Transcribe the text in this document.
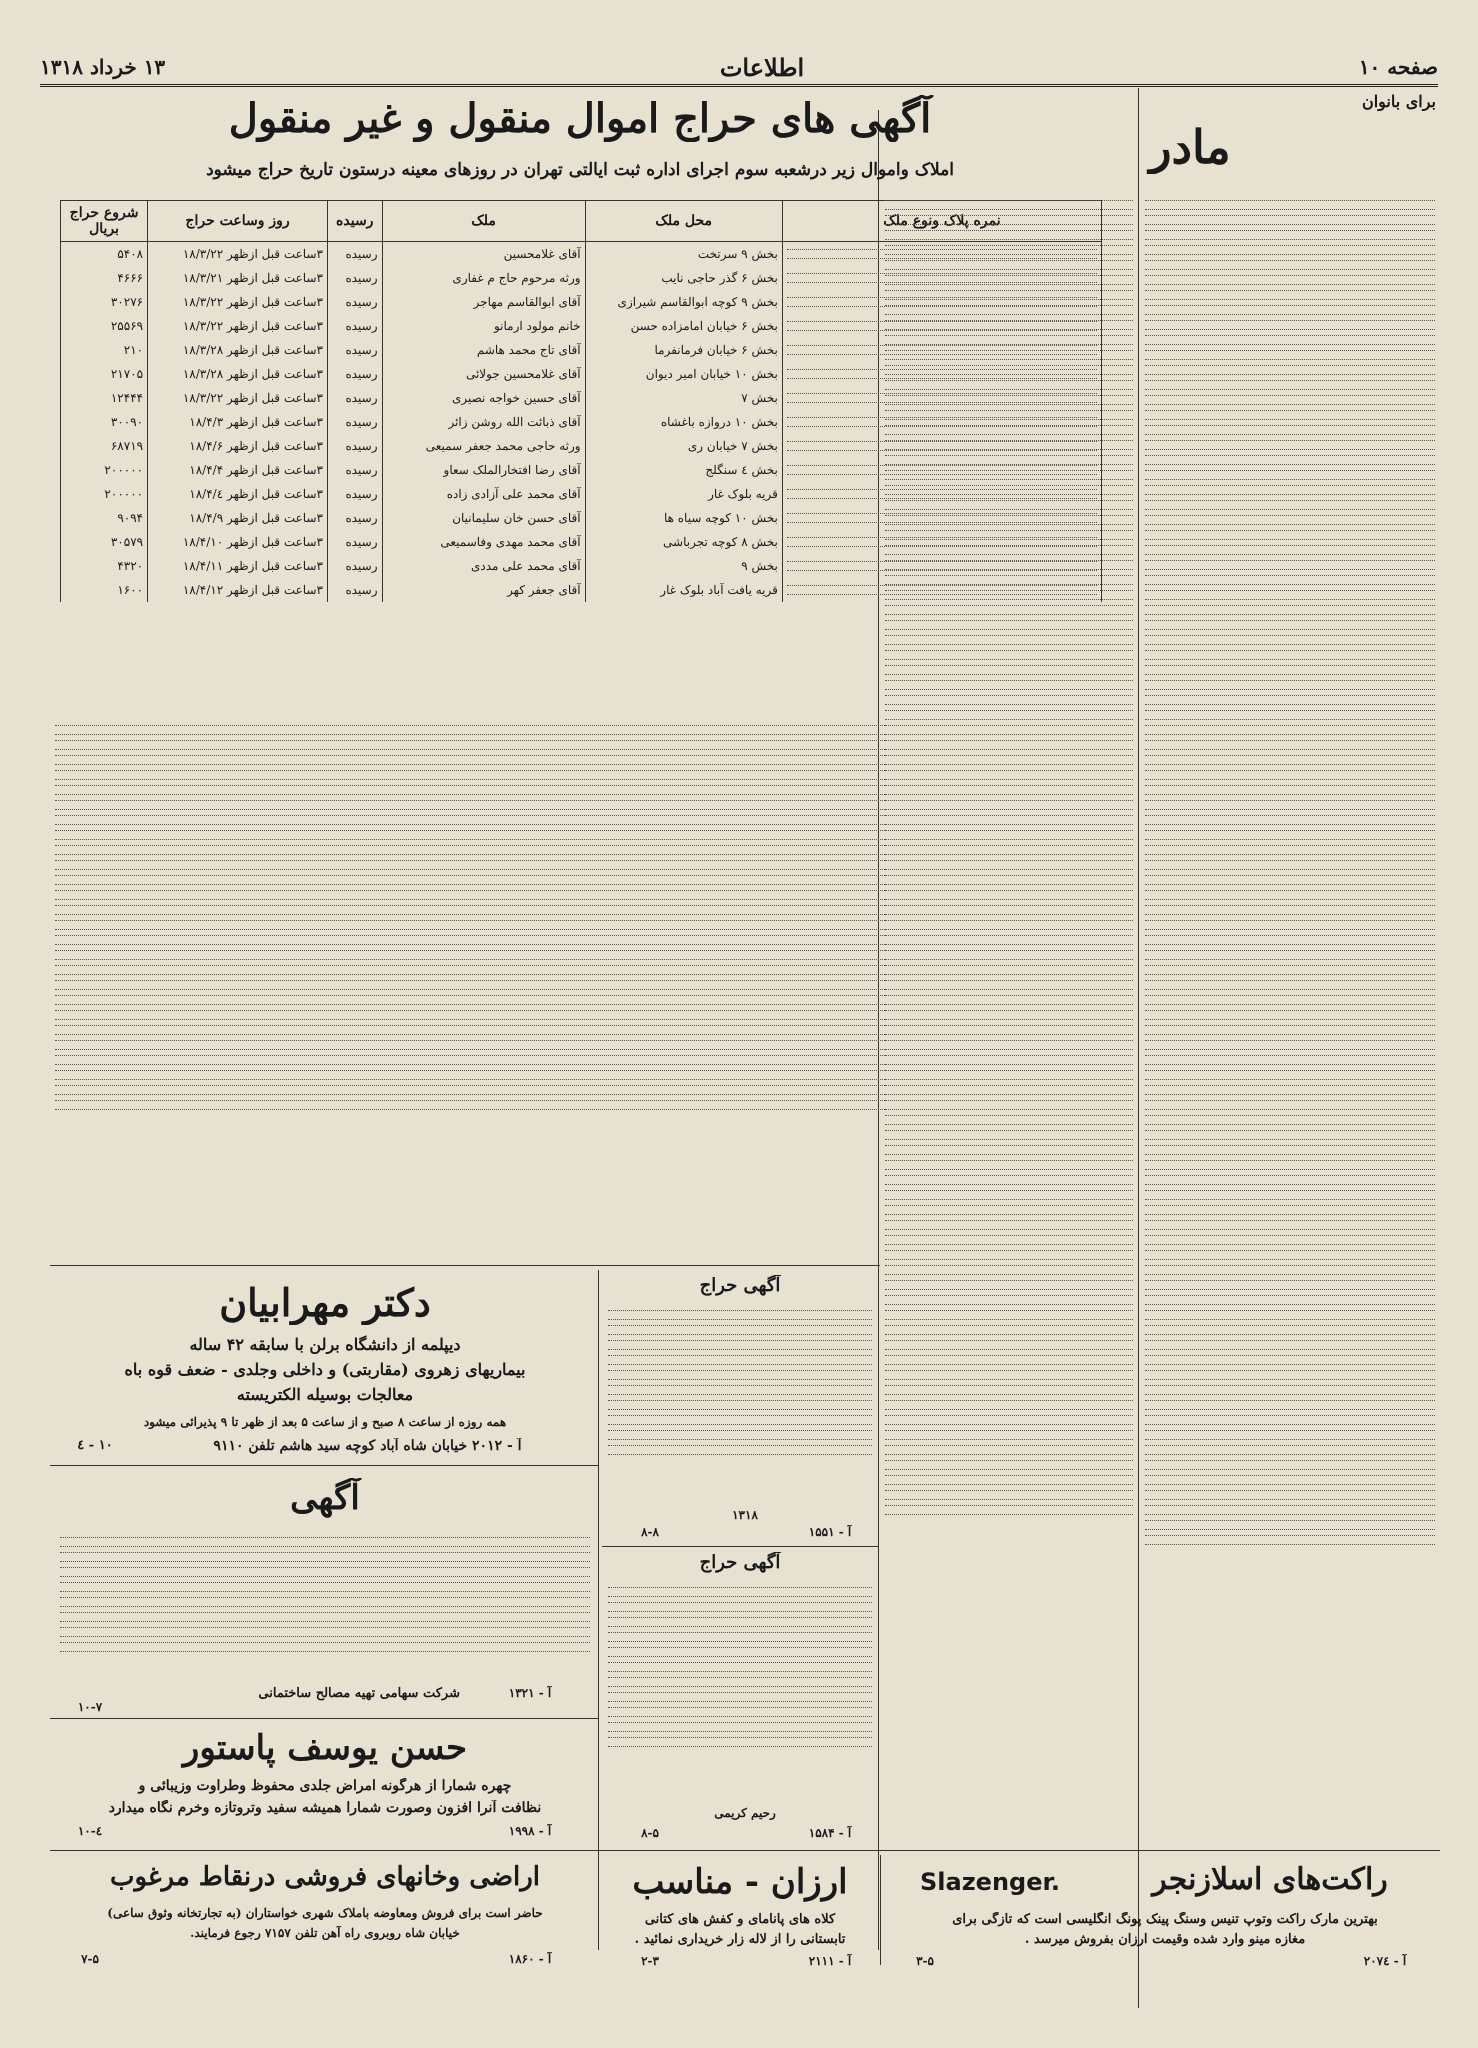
صفحه ۱۰
اطلاعات
۱۳ خرداد ۱۳۱۸
برای بانوان
مادر
آگهی های حراج اموال منقول و غیر منقول
املاک واموال زیر درشعبه سوم اجرای اداره ثبت ایالتی تهران در روزهای معینه درستون تاریخ حراج میشود
نمره پلاک ونوع ملک	محل ملک	ملک	رسیده	روز وساعت حراج	شروع حراج بریال

	بخش ۹ سرتخت	آقای غلامحسین	رسیده	۳ساعت قبل ازظهر ۱۸/۳/۲۲	۵۴۰۸

	بخش ۶ گذر حاجی نایب	ورثه مرحوم حاج م غفاری	رسیده	۳ساعت قبل ازظهر ۱۸/۳/۲۱	۴۶۶۶

	بخش ۹ کوچه ابوالقاسم شیرازی	آقای ابوالقاسم مهاجر	رسیده	۳ساعت قبل ازظهر ۱۸/۳/۲۲	۳۰۲۷۶

	بخش ۶ خیابان امامزاده حسن	خانم مولود ارمانو	رسیده	۳ساعت قبل ازظهر ۱۸/۳/۲۲	۲۵۵۶۹

	بخش ۶ خیابان فرمانفرما	آقای تاج محمد هاشم	رسیده	۳ساعت قبل ازظهر ۱۸/۳/۲۸	۲۱۰

	بخش ۱۰ خیابان امیر دیوان	آقای غلامحسین جولائی	رسیده	۳ساعت قبل ازظهر ۱۸/۳/۲۸	۲۱۷۰۵

	بخش ۷	آقای حسین خواجه نصیری	رسیده	۳ساعت قبل ازظهر ۱۸/۳/۲۲	۱۲۴۴۴

	بخش ۱۰ دروازه باغشاه	آقای ذبائت الله روشن زائر	رسیده	۳ساعت قبل ازظهر ۱۸/۴/۳	۳۰۰۹۰

	بخش ۷ خیابان ری	ورثه حاجی محمد جعفر سمیعی	رسیده	۳ساعت قبل ازظهر ۱۸/۴/۶	۶۸۷۱۹

	بخش ٤ سنگلج	آقای رضا افتخارالملک سعاو	رسیده	۳ساعت قبل ازظهر ۱۸/۴/۴	۲۰۰۰۰۰

	قریه بلوک غار	آقای محمد علی آزادی زاده	رسیده	۳ساعت قبل ازظهر ۱۸/۴/٤	۲۰۰۰۰۰

	بخش ۱۰ کوچه سیاه ها	آقای حسن خان سلیمانیان	رسیده	۳ساعت قبل ازظهر ۱۸/۴/۹	۹۰۹۴

	بخش ۸ کوچه تجرباشی	آقای محمد مهدی وفاسمیعی	رسیده	۳ساعت قبل ازظهر ۱۸/۴/۱۰	۳۰۵۷۹

	بخش ۹	آقای محمد علی مددی	رسیده	۳ساعت قبل ازظهر ۱۸/۴/۱۱	۴۳۲۰

	قریه یافت آباد بلوک غار	آقای جعفر کهر	رسیده	۳ساعت قبل ازظهر ۱۸/۴/۱۲	۱۶۰۰
دکتر مهرابیان
دیپلمه از دانشگاه برلن با سابقه ۴۲ ساله
بیماریهای زهروی (مقاربتی) و داخلی وجلدی - ضعف قوه باه
معالجات بوسیله الکتریسته
همه روزه از ساعت ۸ صبح و از ساعت ۵ بعد از ظهر تا ۹ پذیرائی میشود
آ - ۲۰۱۲ خیابان شاه آباد کوچه سید هاشم تلفن ۹۱۱۰
۱۰ - ٤
آگهی
شرکت سهامی تهیه مصالح ساختمانی	آ - ۱۳۲۱
۱۰-۷
حسن یوسف پاستور
چهره شمارا از هرگونه امراض جلدی محفوظ وطراوت وزیبائی و
نظافت آنرا افزون وصورت شمارا همیشه سفید وتروتازه وخرم نگاه میدارد
آ - ۱۹۹۸
٤-۱۰
آگهی حراج
۱۳۱۸
آ - ۱۵۵۱
۸-۸
آگهی حراج
رحیم کریمی
آ - ۱۵۸۴
۸-۵
اراضی وخانهای فروشی درنقاط مرغوب
حاضر است برای فروش ومعاوضه باملاک شهری خواستاران (به تجارتخانه وثوق ساعی)
خیابان شاه روبروی راه آهن تلفن ۷۱۵۷ رجوع فرمایند.
آ - ۱۸۶۰
۷-۵
ارزان - مناسب
کلاه های پانامای و کفش های کتانی
تابستانی را از لاله زار خریداری نمائید .
آ - ۲۱۱۱
۲-۳
راکت‌های اسلازنجر
Slazenger.
بهترین مارک راکت وتوپ تنیس وسنگ پینک پونگ انگلیسی است که تازگی برای
مغازه مینو وارد شده وقیمت ارزان بفروش میرسد .
آ - ۲۰۷٤
۳-۵
